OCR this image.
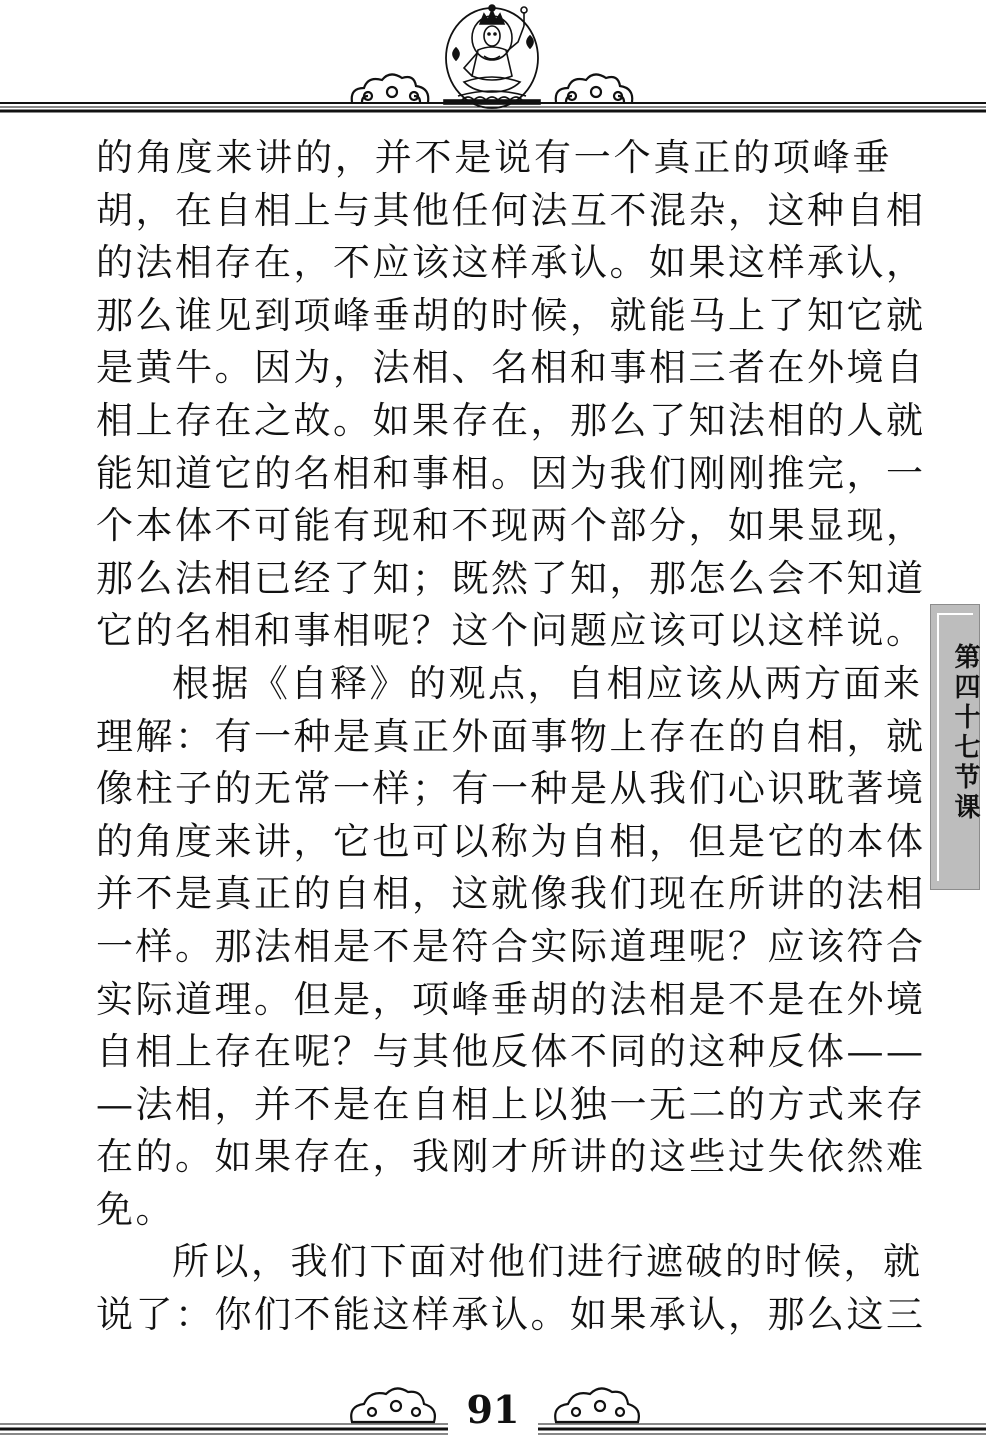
的角度来讲的，并不是说有一个真正的项峰垂
胡，在自相上与其他任何法互不混杂，这种自相
的法相存在，不应该这样承认。如果这样承认，
那么谁见到项峰垂胡的时候，就能马上了知它就
是黄牛。因为，法相、名相和事相三者在外境自
相上存在之故。如果存在，那么了知法相的人就
能知道它的名相和事相。因为我们刚刚推完，一
个本体不可能有现和不现两个部分，如果显现，
那么法相已经了知；既然了知，那怎么会不知道
它的名相和事相呢？这个问题应该可以这样说。
根据《自释》的观点，自相应该从两方面来
理解：有一种是真正外面事物上存在的自相，就
像柱子的无常一样；有一种是从我们心识耽著境
的角度来讲，它也可以称为自相，但是它的本体
并不是真正的自相，这就像我们现在所讲的法相
一样。那法相是不是符合实际道理呢？应该符合
实际道理。但是，项峰垂胡的法相是不是在外境
自相上存在呢？与其他反体不同的这种反体——
—法相，并不是在自相上以独一无二的方式来存
在的。如果存在，我刚才所讲的这些过失依然难
免。
所以，我们下面对他们进行遮破的时候，就
说了：你们不能这样承认。如果承认，那么这三
第四十七节课
91
